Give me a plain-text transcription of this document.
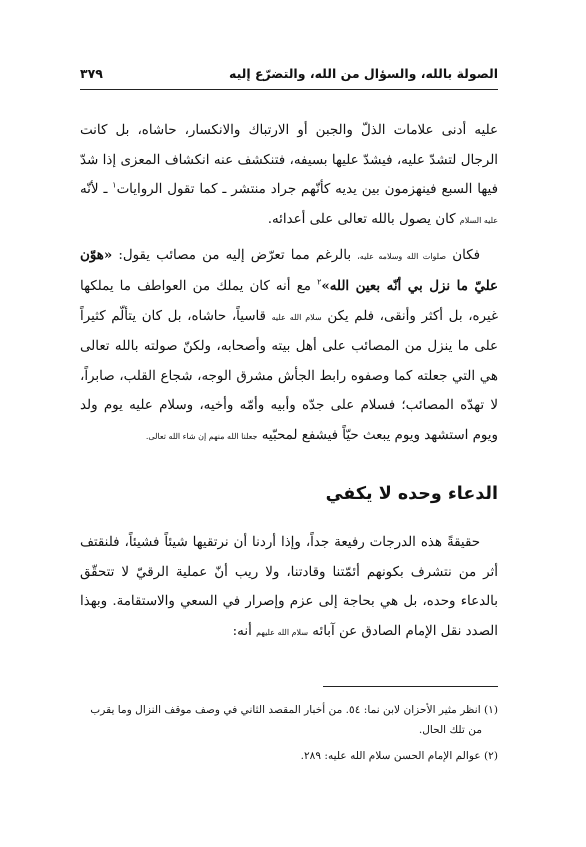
الصولة بالله، والسؤال من الله، والتضرّع إليه
٣٧٩

عليه أدنى علامات الذلّ والجبن أو الارتباك والانكسار، حاشاه، بل كانت الرجال لتشدّ عليه، فيشدّ عليها بسيفه، فتنكشف عنه انكشاف المعزى إذا شدّ فيها السبع فينهزمون بين يديه كأنّهم جراد منتشر ـ كما تقول الروايات$^١$ ـ لأنّه عليه السلام كان يصول بالله تعالى على أعدائه.

فكان صلوات الله وسلامه عليه، بالرغم مما تعرّض إليه من مصائب يقول: «هوّن عليّ ما نزل بي أنّه بعين الله»$^٢$ مع أنه كان يملك من العواطف ما يملكها غيره، بل أكثر وأنقى، فلم يكن سلام الله عليه قاسياً، حاشاه، بل كان يتألّم كثيراً على ما ينزل من المصائب على أهل بيته وأصحابه، ولكنّ صولته بالله تعالى هي التي جعلته كما وصفوه رابط الجأش مشرق الوجه، شجاع القلب، صابراً، لا تهدّه المصائب؛ فسلام على جدّه وأبيه وأمّه وأخيه، وسلام عليه يوم ولد ويوم استشهد ويوم يبعث حيّاً فيشفع لمحبّيه جعلنا الله منهم إن شاء الله تعالى.

الدعاء وحده لا يكفي

حقيقةً هذه الدرجات رفيعة جداً، وإذا أردنا أن نرتقيها شيئاً فشيئاً، فلنقتف أثر من نتشرف بكونهم أئمّتنا وقادتنا، ولا ريب أنّ عملية الرقيّ لا تتحقّق بالدعاء وحده، بل هي بحاجة إلى عزم وإصرار في السعي والاستقامة. وبهذا الصدد نقل الإمام الصادق عن آبائه سلام الله عليهم أنه:

(١) انظر مثير الأحزان لابن نما: ٥٤. من أخبار المقصد الثاني في وصف موقف النزال وما يقرب
من تلك الحال.

(٢) عوالم الإمام الحسن سلام الله عليه: ٢٨٩.
